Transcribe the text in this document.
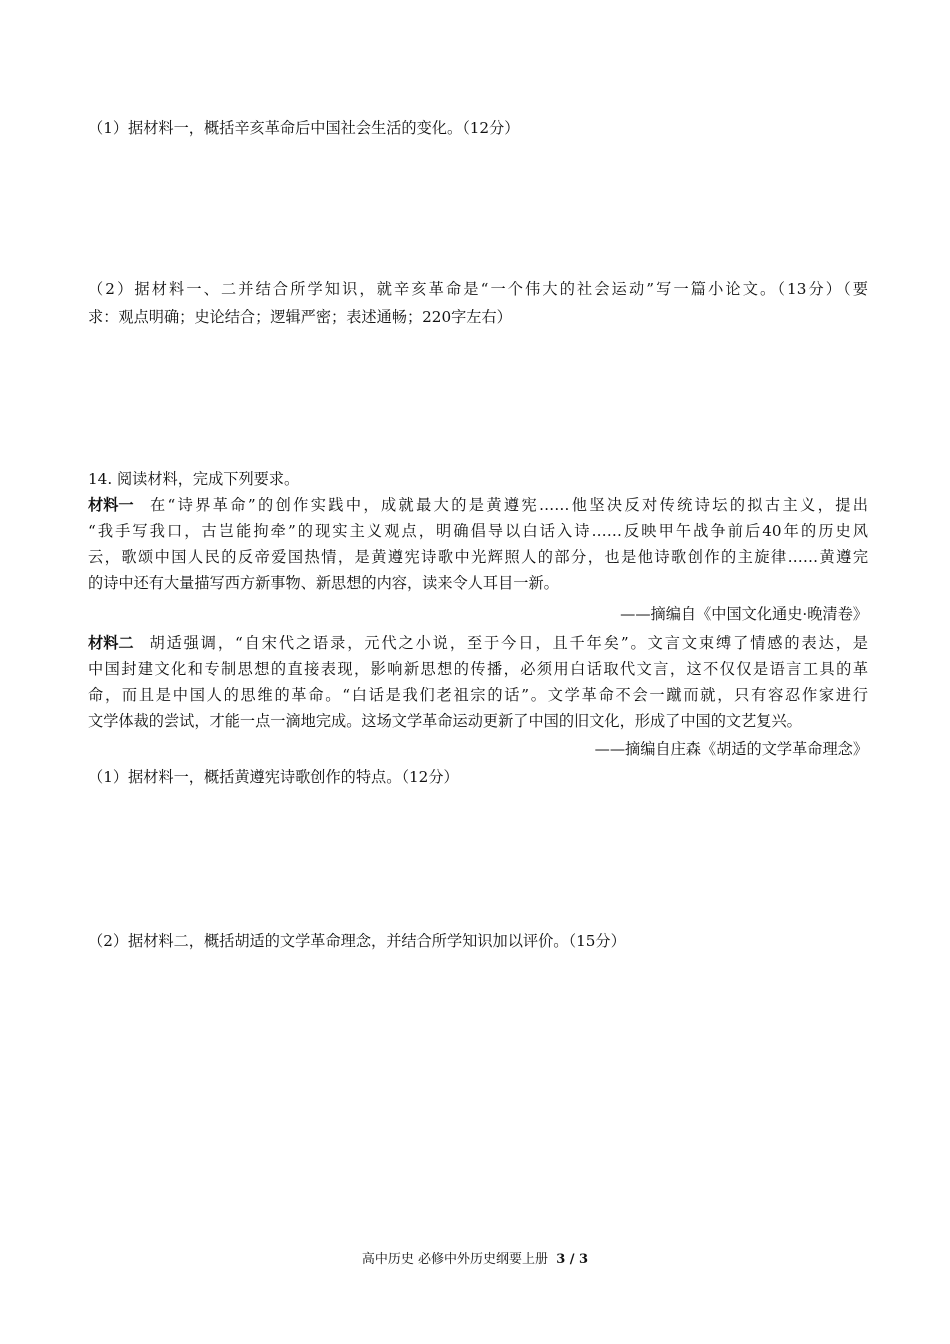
（1）据材料一，概括辛亥革命后中国社会生活的变化。（12分）
（2）据材料一、二并结合所学知识，就辛亥革命是“一个伟大的社会运动”写一篇小论文。（13分）（要
求：观点明确；史论结合；逻辑严密；表述通畅；220字左右）
14. 阅读材料，完成下列要求。
材料一 在“诗界革命”的创作实践中，成就最大的是黄遵宪……他坚决反对传统诗坛的拟古主义，提出
“我手写我口，古岂能拘牵”的现实主义观点，明确倡导以白话入诗……反映甲午战争前后40年的历史风
云，歌颂中国人民的反帝爱国热情，是黄遵宪诗歌中光辉照人的部分，也是他诗歌创作的主旋律……黄遵完
的诗中还有大量描写西方新事物、新思想的内容，读来令人耳目一新。
——摘编自《中国文化通史·晚清卷》
材料二 胡适强调，“自宋代之语录，元代之小说，至于今日，且千年矣”。文言文束缚了情感的表达，是
中国封建文化和专制思想的直接表现，影响新思想的传播，必须用白话取代文言，这不仅仅是语言工具的革
命，而且是中国人的思维的革命。“白话是我们老祖宗的话”。文学革命不会一蹴而就，只有容忍作家进行
文学体裁的尝试，才能一点一滴地完成。这场文学革命运动更新了中国的旧文化，形成了中国的文艺复兴。
——摘编自庄森《胡适的文学革命理念》
（1）据材料一，概括黄遵宪诗歌创作的特点。（12分）
（2）据材料二，概括胡适的文学革命理念，并结合所学知识加以评价。（15分）
高中历史 必修中外历史纲要上册 3 / 3
